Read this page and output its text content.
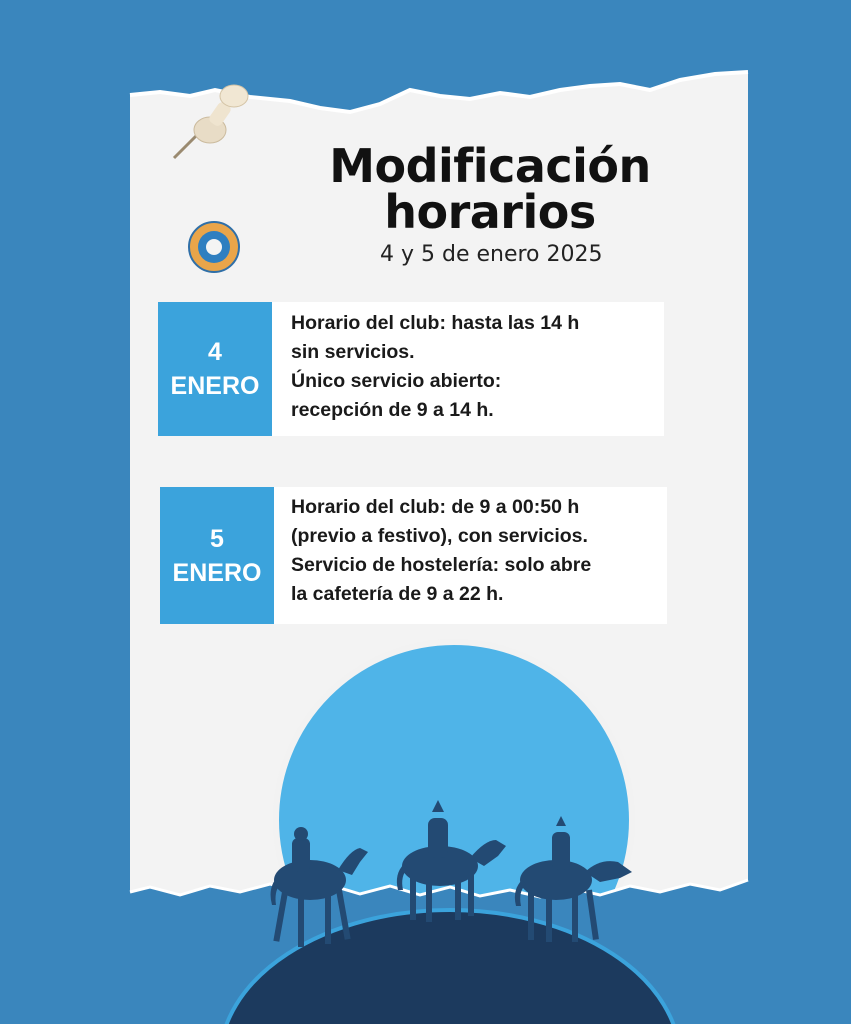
Modificación
horarios
4 y 5 de enero 2025
4
ENERO
Horario del club: hasta las 14 h
sin servicios.
Único servicio abierto:
recepción de 9 a 14 h.
5
ENERO
Horario del club: de 9 a 00:50 h
(previo a festivo), con servicios.
Servicio de hostelería: solo abre
la cafetería de 9 a 22 h.
